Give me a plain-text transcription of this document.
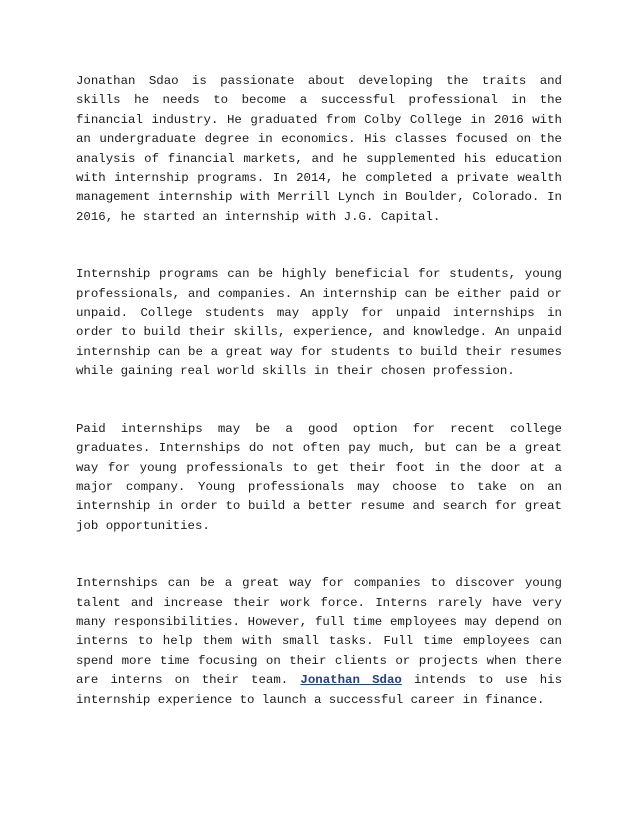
Jonathan Sdao is passionate about developing the traits and skills he needs to become a successful professional in the financial industry. He graduated from Colby College in 2016 with an undergraduate degree in economics. His classes focused on the analysis of financial markets, and he supplemented his education with internship programs. In 2014, he completed a private wealth management internship with Merrill Lynch in Boulder, Colorado. In 2016, he started an internship with J.G. Capital.

Internship programs can be highly beneficial for students, young professionals, and companies. An internship can be either paid or unpaid. College students may apply for unpaid internships in order to build their skills, experience, and knowledge. An unpaid internship can be a great way for students to build their resumes while gaining real world skills in their chosen profession.

Paid internships may be a good option for recent college graduates. Internships do not often pay much, but can be a great way for young professionals to get their foot in the door at a major company. Young professionals may choose to take on an internship in order to build a better resume and search for great job opportunities.

Internships can be a great way for companies to discover young talent and increase their work force. Interns rarely have very many responsibilities. However, full time employees may depend on interns to help them with small tasks. Full time employees can spend more time focusing on their clients or projects when there are interns on their team. Jonathan Sdao intends to use his internship experience to launch a successful career in finance.
